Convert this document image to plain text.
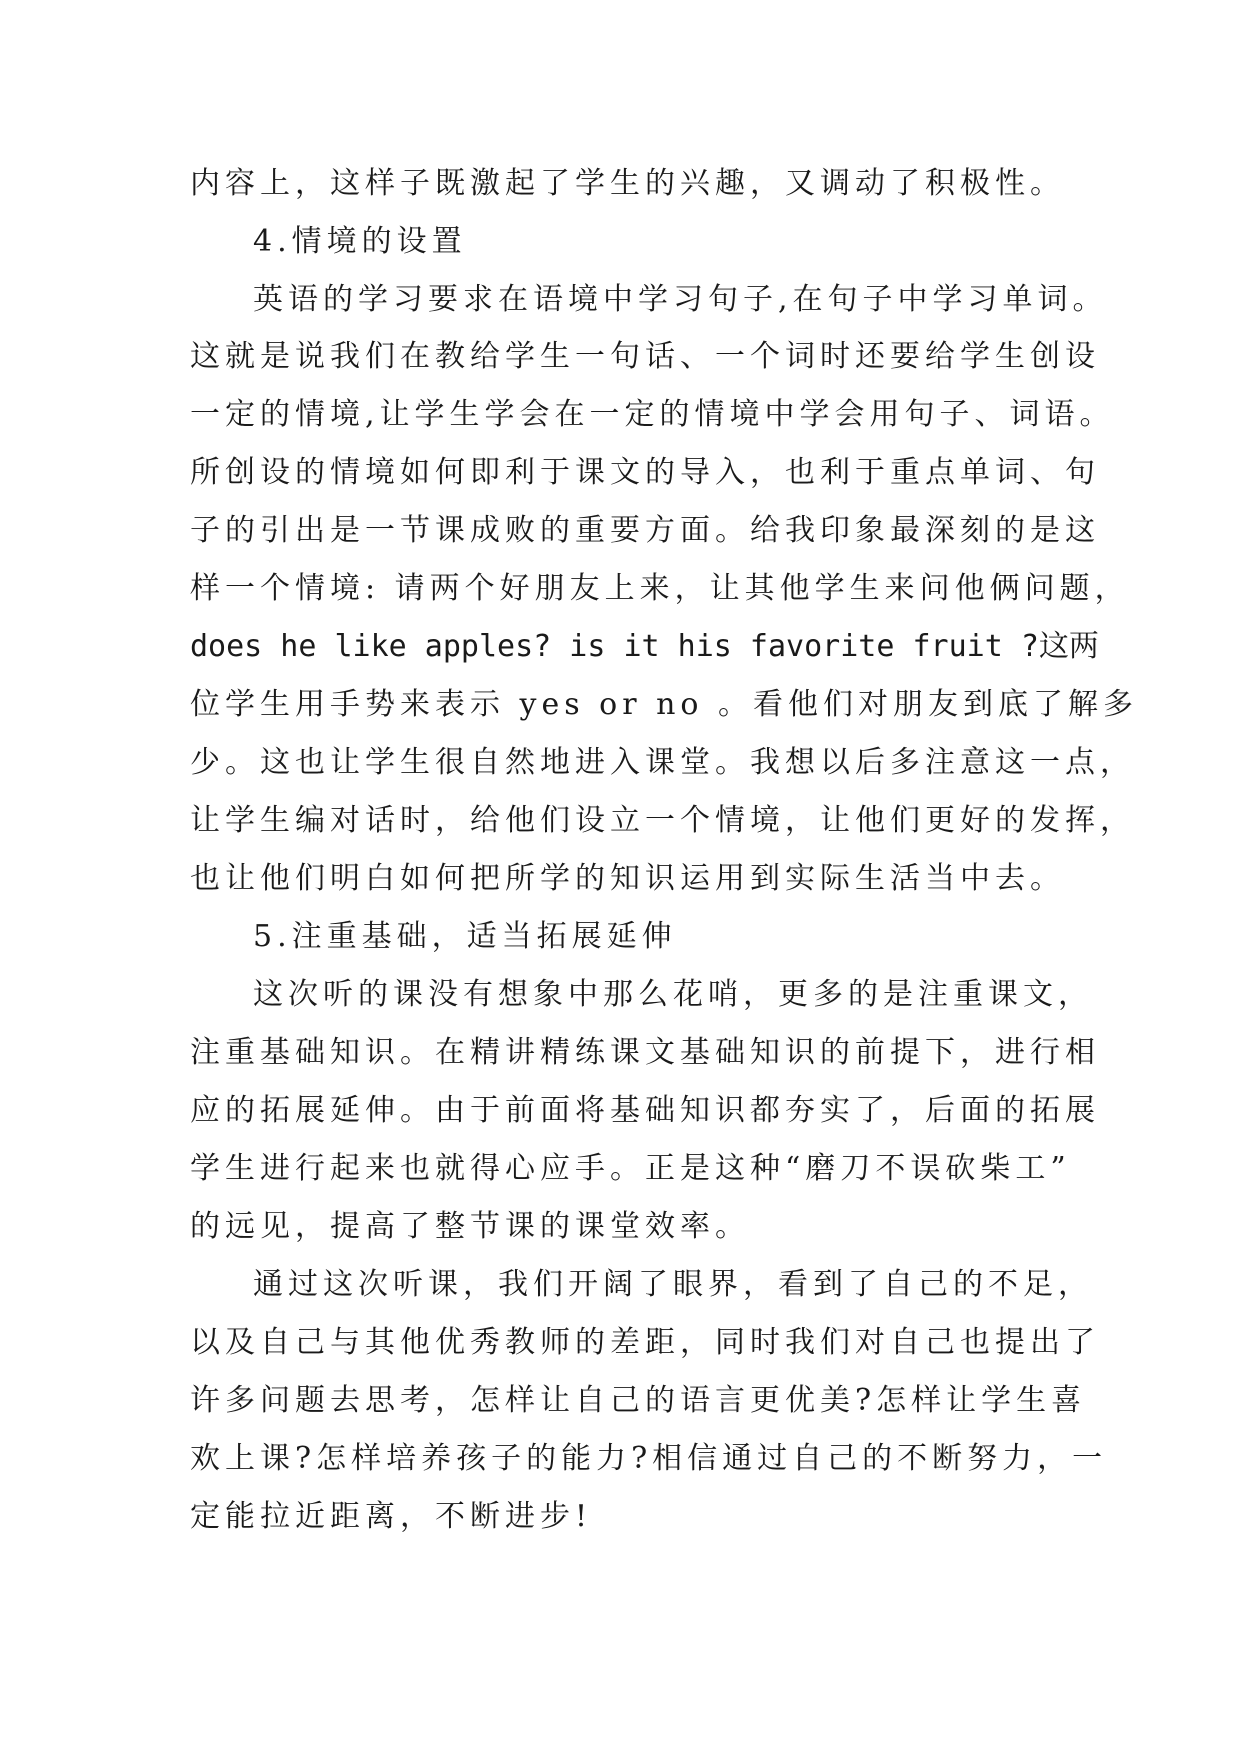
内容上，这样子既激起了学生的兴趣，又调动了积极性。
4.情境的设置
英语的学习要求在语境中学习句子,在句子中学习单词。
这就是说我们在教给学生一句话、一个词时还要给学生创设
一定的情境,让学生学会在一定的情境中学会用句子、词语。
所创设的情境如何即利于课文的导入，也利于重点单词、句
子的引出是一节课成败的重要方面。给我印象最深刻的是这
样一个情境: 请两个好朋友上来，让其他学生来问他俩问题，
does he like apples? is it his favorite fruit ?这两
位学生用手势来表示 yes or no 。看他们对朋友到底了解多
少。这也让学生很自然地进入课堂。我想以后多注意这一点，
让学生编对话时，给他们设立一个情境，让他们更好的发挥，
也让他们明白如何把所学的知识运用到实际生活当中去。
5.注重基础，适当拓展延伸
这次听的课没有想象中那么花哨，更多的是注重课文，
注重基础知识。在精讲精练课文基础知识的前提下，进行相
应的拓展延伸。由于前面将基础知识都夯实了，后面的拓展
学生进行起来也就得心应手。正是这种“磨刀不误砍柴工”
的远见，提高了整节课的课堂效率。
通过这次听课，我们开阔了眼界，看到了自己的不足，
以及自己与其他优秀教师的差距，同时我们对自己也提出了
许多问题去思考，怎样让自己的语言更优美?怎样让学生喜
欢上课?怎样培养孩子的能力?相信通过自己的不断努力，一
定能拉近距离，不断进步!
